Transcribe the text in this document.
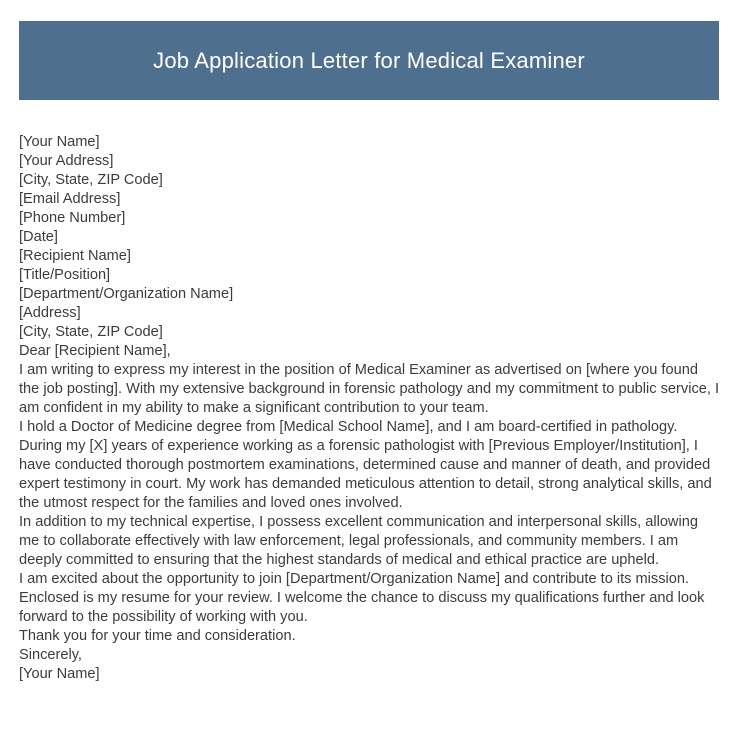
Job Application Letter for Medical Examiner
[Your Name]
[Your Address]
[City, State, ZIP Code]
[Email Address]
[Phone Number]
[Date]
[Recipient Name]
[Title/Position]
[Department/Organization Name]
[Address]
[City, State, ZIP Code]
Dear [Recipient Name],
I am writing to express my interest in the position of Medical Examiner as advertised on [where you found the job posting]. With my extensive background in forensic pathology and my commitment to public service, I am confident in my ability to make a significant contribution to your team.
I hold a Doctor of Medicine degree from [Medical School Name], and I am board-certified in pathology. During my [X] years of experience working as a forensic pathologist with [Previous Employer/Institution], I have conducted thorough postmortem examinations, determined cause and manner of death, and provided expert testimony in court. My work has demanded meticulous attention to detail, strong analytical skills, and the utmost respect for the families and loved ones involved.
In addition to my technical expertise, I possess excellent communication and interpersonal skills, allowing me to collaborate effectively with law enforcement, legal professionals, and community members. I am deeply committed to ensuring that the highest standards of medical and ethical practice are upheld.
I am excited about the opportunity to join [Department/Organization Name] and contribute to its mission. Enclosed is my resume for your review. I welcome the chance to discuss my qualifications further and look forward to the possibility of working with you.
Thank you for your time and consideration.
Sincerely,
[Your Name]
